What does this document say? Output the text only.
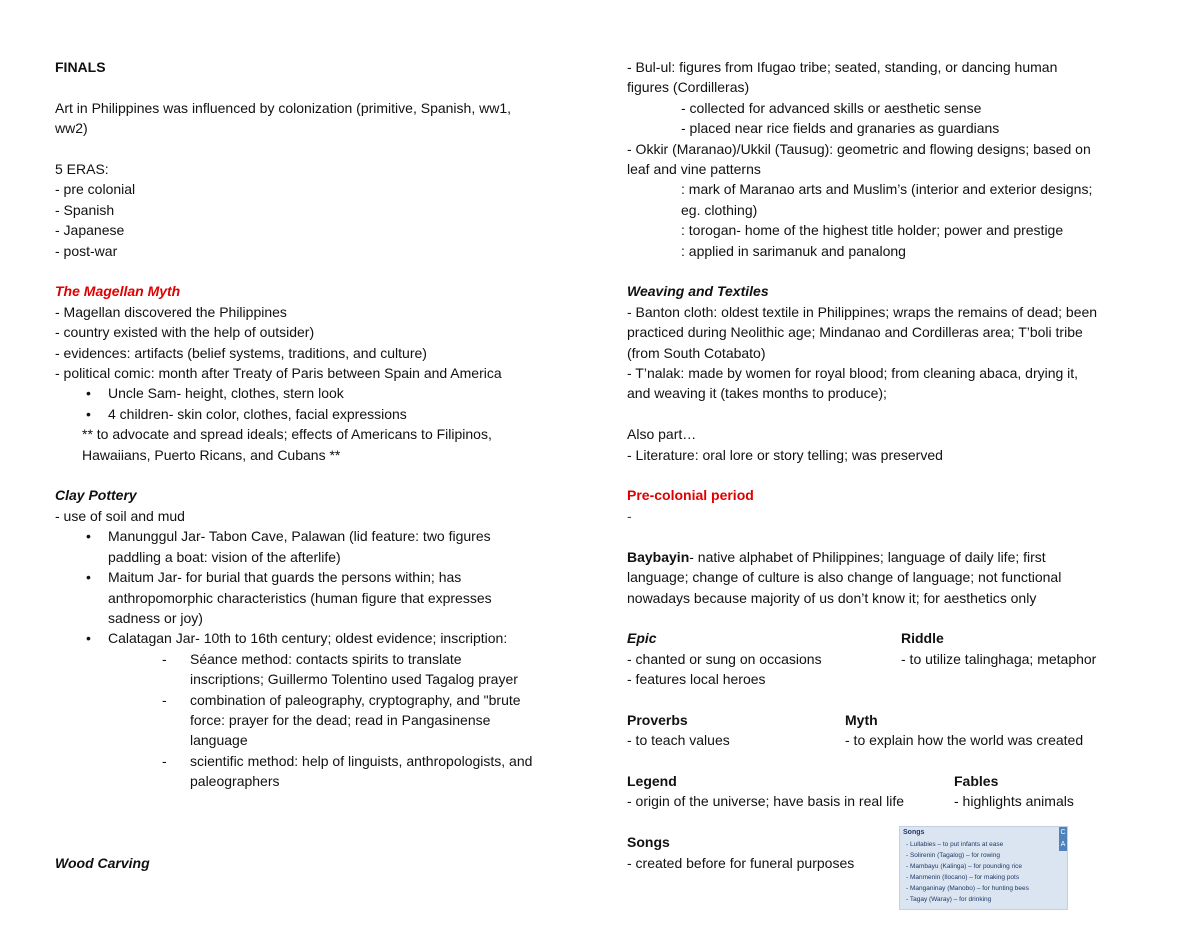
FINALS
Art in Philippines was influenced by colonization (primitive, Spanish, ww1,
ww2)
5 ERAS:
- pre colonial
- Spanish
- Japanese
- post-war
The Magellan Myth
- Magellan discovered the Philippines
- country existed with the help of outsider)
- evidences: artifacts (belief systems, traditions, and culture)
- political comic: month after Treaty of Paris between Spain and America
• Uncle Sam- height, clothes, stern look
• 4 children- skin color, clothes, facial expressions
** to advocate and spread ideals; effects of Americans to Filipinos,
Hawaiians, Puerto Ricans, and Cubans **
Clay Pottery
- use of soil and mud
• Manunggul Jar- Tabon Cave, Palawan (lid feature: two figures
paddling a boat: vision of the afterlife)
• Maitum Jar- for burial that guards the persons within; has
anthropomorphic characteristics (human figure that expresses
sadness or joy)
• Calatagan Jar- 10th to 16th century; oldest evidence; inscription:
- Séance method: contacts spirits to translate
inscriptions; Guillermo Tolentino used Tagalog prayer
- combination of paleography, cryptography, and "brute
force: prayer for the dead; read in Pangasinense
language
- scientific method: help of linguists, anthropologists, and
paleographers
Wood Carving
- Bul-ul: figures from Ifugao tribe; seated, standing, or dancing human
figures (Cordilleras)
- collected for advanced skills or aesthetic sense
- placed near rice fields and granaries as guardians
- Okkir (Maranao)/Ukkil (Tausug): geometric and flowing designs; based on
leaf and vine patterns
: mark of Maranao arts and Muslim’s (interior and exterior designs;
eg. clothing)
: torogan- home of the highest title holder; power and prestige
: applied in sarimanuk and panalong
Weaving and Textiles
- Banton cloth: oldest textile in Philippines; wraps the remains of dead; been
practiced during Neolithic age; Mindanao and Cordilleras area; T’boli tribe
(from South Cotabato)
- T’nalak: made by women for royal blood; from cleaning abaca, drying it,
and weaving it (takes months to produce);
Also part…
- Literature: oral lore or story telling; was preserved
Pre-colonial period
-
Baybayin- native alphabet of Philippines; language of daily life; first
language; change of culture is also change of language; not functional
nowadays because majority of us don’t know it; for aesthetics only
Epic	Riddle
- chanted or sung on occasions	- to utilize talinghaga; metaphor
- features local heroes
Proverbs	Myth
- to teach values	- to explain how the world was created
Legend	Fables
- origin of the universe; have basis in real life	- highlights animals
Songs
- created before for funeral purposes
C A
Songs
- Lullabies – to put infants at ease
- Solirenin (Tagalog) – for rowing
- Mambayu (Kalinga) – for pounding rice
- Manmenin (Ilocano) – for making pots
- Manganinay (Manobo) – for hunting bees
- Tagay (Waray) – for drinking
